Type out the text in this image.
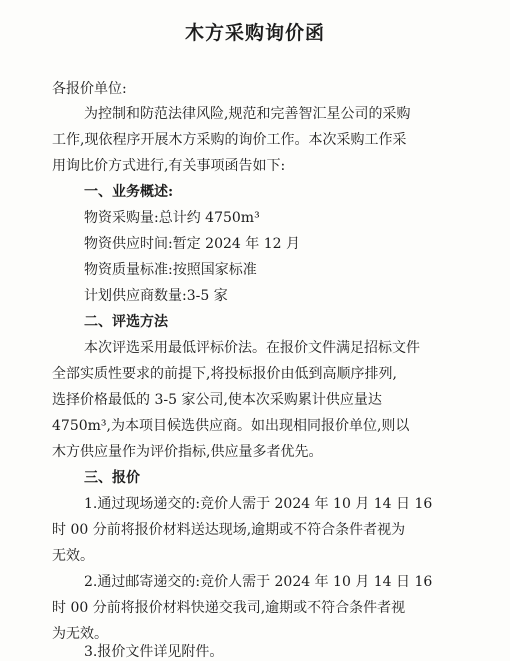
木方采购询价函
各报价单位:
为控制和防范法律风险,规范和完善智汇星公司的采购
工作,现依程序开展木方采购的询价工作。本次采购工作采
用询比价方式进行,有关事项函告如下:
一、业务概述:
物资采购量:总计约 4750m³
物资供应时间:暂定 2024 年 12 月
物资质量标准:按照国家标准
计划供应商数量:3-5 家
二、评选方法
本次评选采用最低评标价法。在报价文件满足招标文件
全部实质性要求的前提下,将投标报价由低到高顺序排列,
选择价格最低的 3-5 家公司,使本次采购累计供应量达
4750m³,为本项目候选供应商。如出现相同报价单位,则以
木方供应量作为评价指标,供应量多者优先。
三、报价
1.通过现场递交的:竞价人需于 2024 年 10 月 14 日 16
时 00 分前将报价材料送达现场,逾期或不符合条件者视为
无效。
2.通过邮寄递交的:竞价人需于 2024 年 10 月 14 日 16
时 00 分前将报价材料快递交我司,逾期或不符合条件者视
为无效。
3.报价文件详见附件。
